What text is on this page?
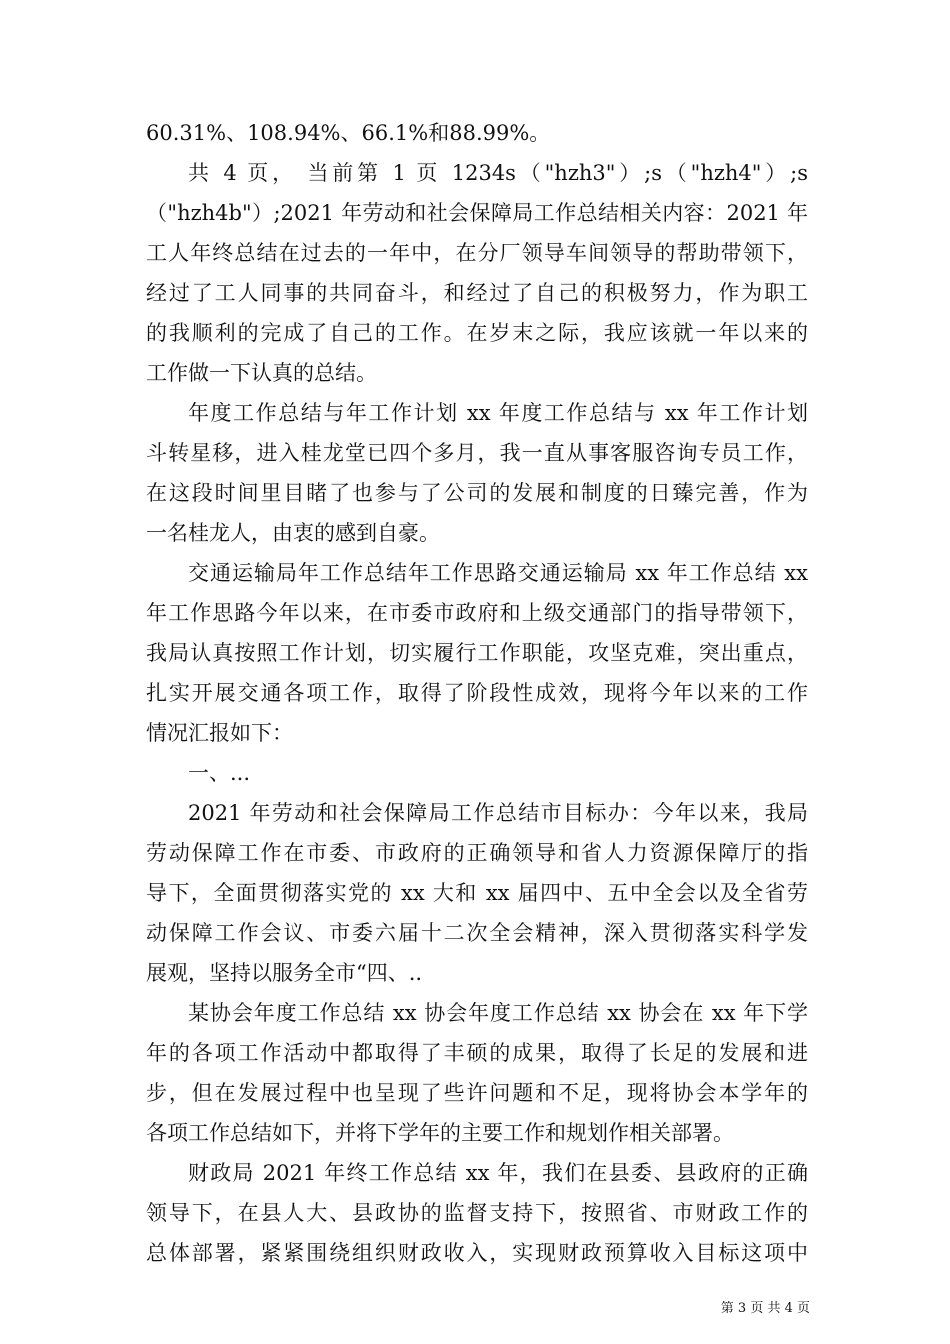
60.31%、108.94%、66.1%和88.99%。
共 4 页， 当前第 1 页 1234s（"hzh3"）;s（"hzh4"）;s
（"hzh4b"）;2021 年劳动和社会保障局工作总结相关内容：2021 年
工人年终总结在过去的一年中，在分厂领导车间领导的帮助带领下，
经过了工人同事的共同奋斗，和经过了自己的积极努力，作为职工
的我顺利的完成了自己的工作。在岁末之际，我应该就一年以来的
工作做一下认真的总结。
年度工作总结与年工作计划 xx 年度工作总结与 xx 年工作计划
斗转星移，进入桂龙堂已四个多月，我一直从事客服咨询专员工作，
在这段时间里目睹了也参与了公司的发展和制度的日臻完善，作为
一名桂龙人，由衷的感到自豪。
交通运输局年工作总结年工作思路交通运输局 xx 年工作总结 xx
年工作思路今年以来，在市委市政府和上级交通部门的指导带领下，
我局认真按照工作计划，切实履行工作职能，攻坚克难，突出重点，
扎实开展交通各项工作，取得了阶段性成效，现将今年以来的工作
情况汇报如下：
一、...
2021 年劳动和社会保障局工作总结市目标办：今年以来，我局
劳动保障工作在市委、市政府的正确领导和省人力资源保障厅的指
导下，全面贯彻落实党的 xx 大和 xx 届四中、五中全会以及全省劳
动保障工作会议、市委六届十二次全会精神，深入贯彻落实科学发
展观，坚持以服务全市“四、..
某协会年度工作总结 xx 协会年度工作总结 xx 协会在 xx 年下学
年的各项工作活动中都取得了丰硕的成果，取得了长足的发展和进
步，但在发展过程中也呈现了些许问题和不足，现将协会本学年的
各项工作总结如下，并将下学年的主要工作和规划作相关部署。
财政局 2021 年终工作总结 xx 年，我们在县委、县政府的正确
领导下，在县人大、县政协的监督支持下，按照省、市财政工作的
总体部署，紧紧围绕组织财政收入，实现财政预算收入目标这项中
第 3 页 共 4 页
